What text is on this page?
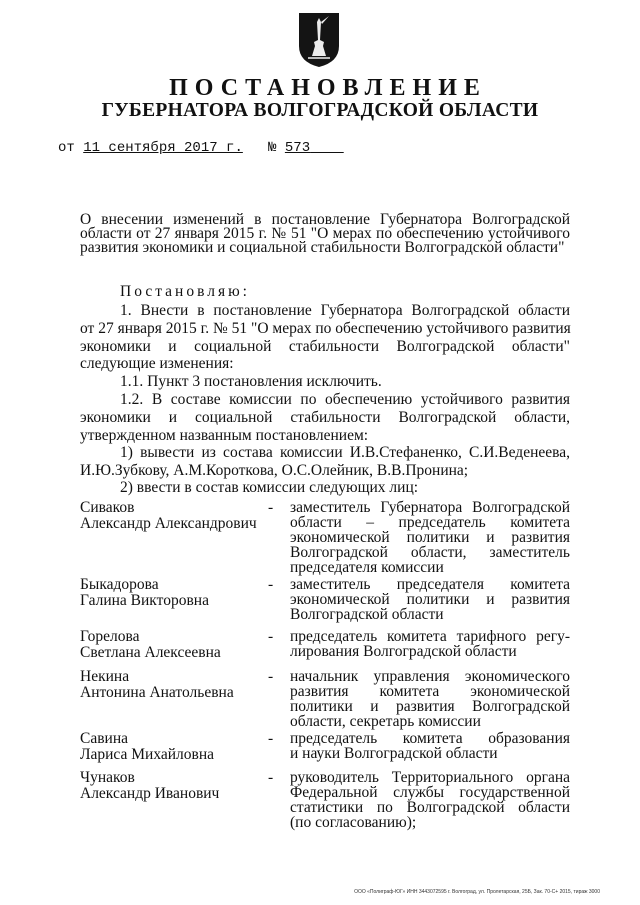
ПОСТАНОВЛЕНИЕ
ГУБЕРНАТОРА ВОЛГОГРАДСКОЙ ОБЛАСТИ
от 11 сентября 2017 г. № 573
О внесении изменений в постановление Губернатора Волгоградской
области от 27 января 2015 г. № 51 "О мерах по обеспечению устойчивого
развития экономики и социальной стабильности Волгоградской области"
Постановляю:
1. Внести в постановление Губернатора Волгоградской области
от 27 января 2015 г. № 51 "О мерах по обеспечению устойчивого развития
экономики и социальной стабильности Волгоградской области"
следующие изменения:
1.1. Пункт 3 постановления исключить.
1.2. В составе комиссии по обеспечению устойчивого развития
экономики и социальной стабильности Волгоградской области,
утвержденном названным постановлением:
1) вывести из состава комиссии И.В.Стефаненко, С.И.Веденеева,
И.Ю.Зубкову, А.М.Короткова, О.С.Олейник, В.В.Пронина;
2) ввести в состав комиссии следующих лиц:
Сиваков
Александр Александрович
- заместитель Губернатора Волгоградской
области – председатель комитета
экономической политики и развития
Волгоградской области, заместитель
председателя комиссии
Быкадорова
Галина Викторовна
- заместитель председателя комитета
экономической политики и развития
Волгоградской области
Горелова
Светлана Алексеевна
- председатель комитета тарифного регу-
лирования Волгоградской области
Некина
Антонина Анатольевна
- начальник управления экономического
развития комитета экономической
политики и развития Волгоградской
области, секретарь комиссии
Савина
Лариса Михайловна
- председатель комитета образования
и науки Волгоградской области
Чунаков
Александр Иванович
- руководитель Территориального органа
Федеральной службы государственной
статистики по Волгоградской области
(по согласованию);
ООО «Полиграф-ЮГ» ИНН 3443072595 г. Волгоград, ул. Пролетарская, 25Б, Зак. 70-С+ 2015, тираж 3000
